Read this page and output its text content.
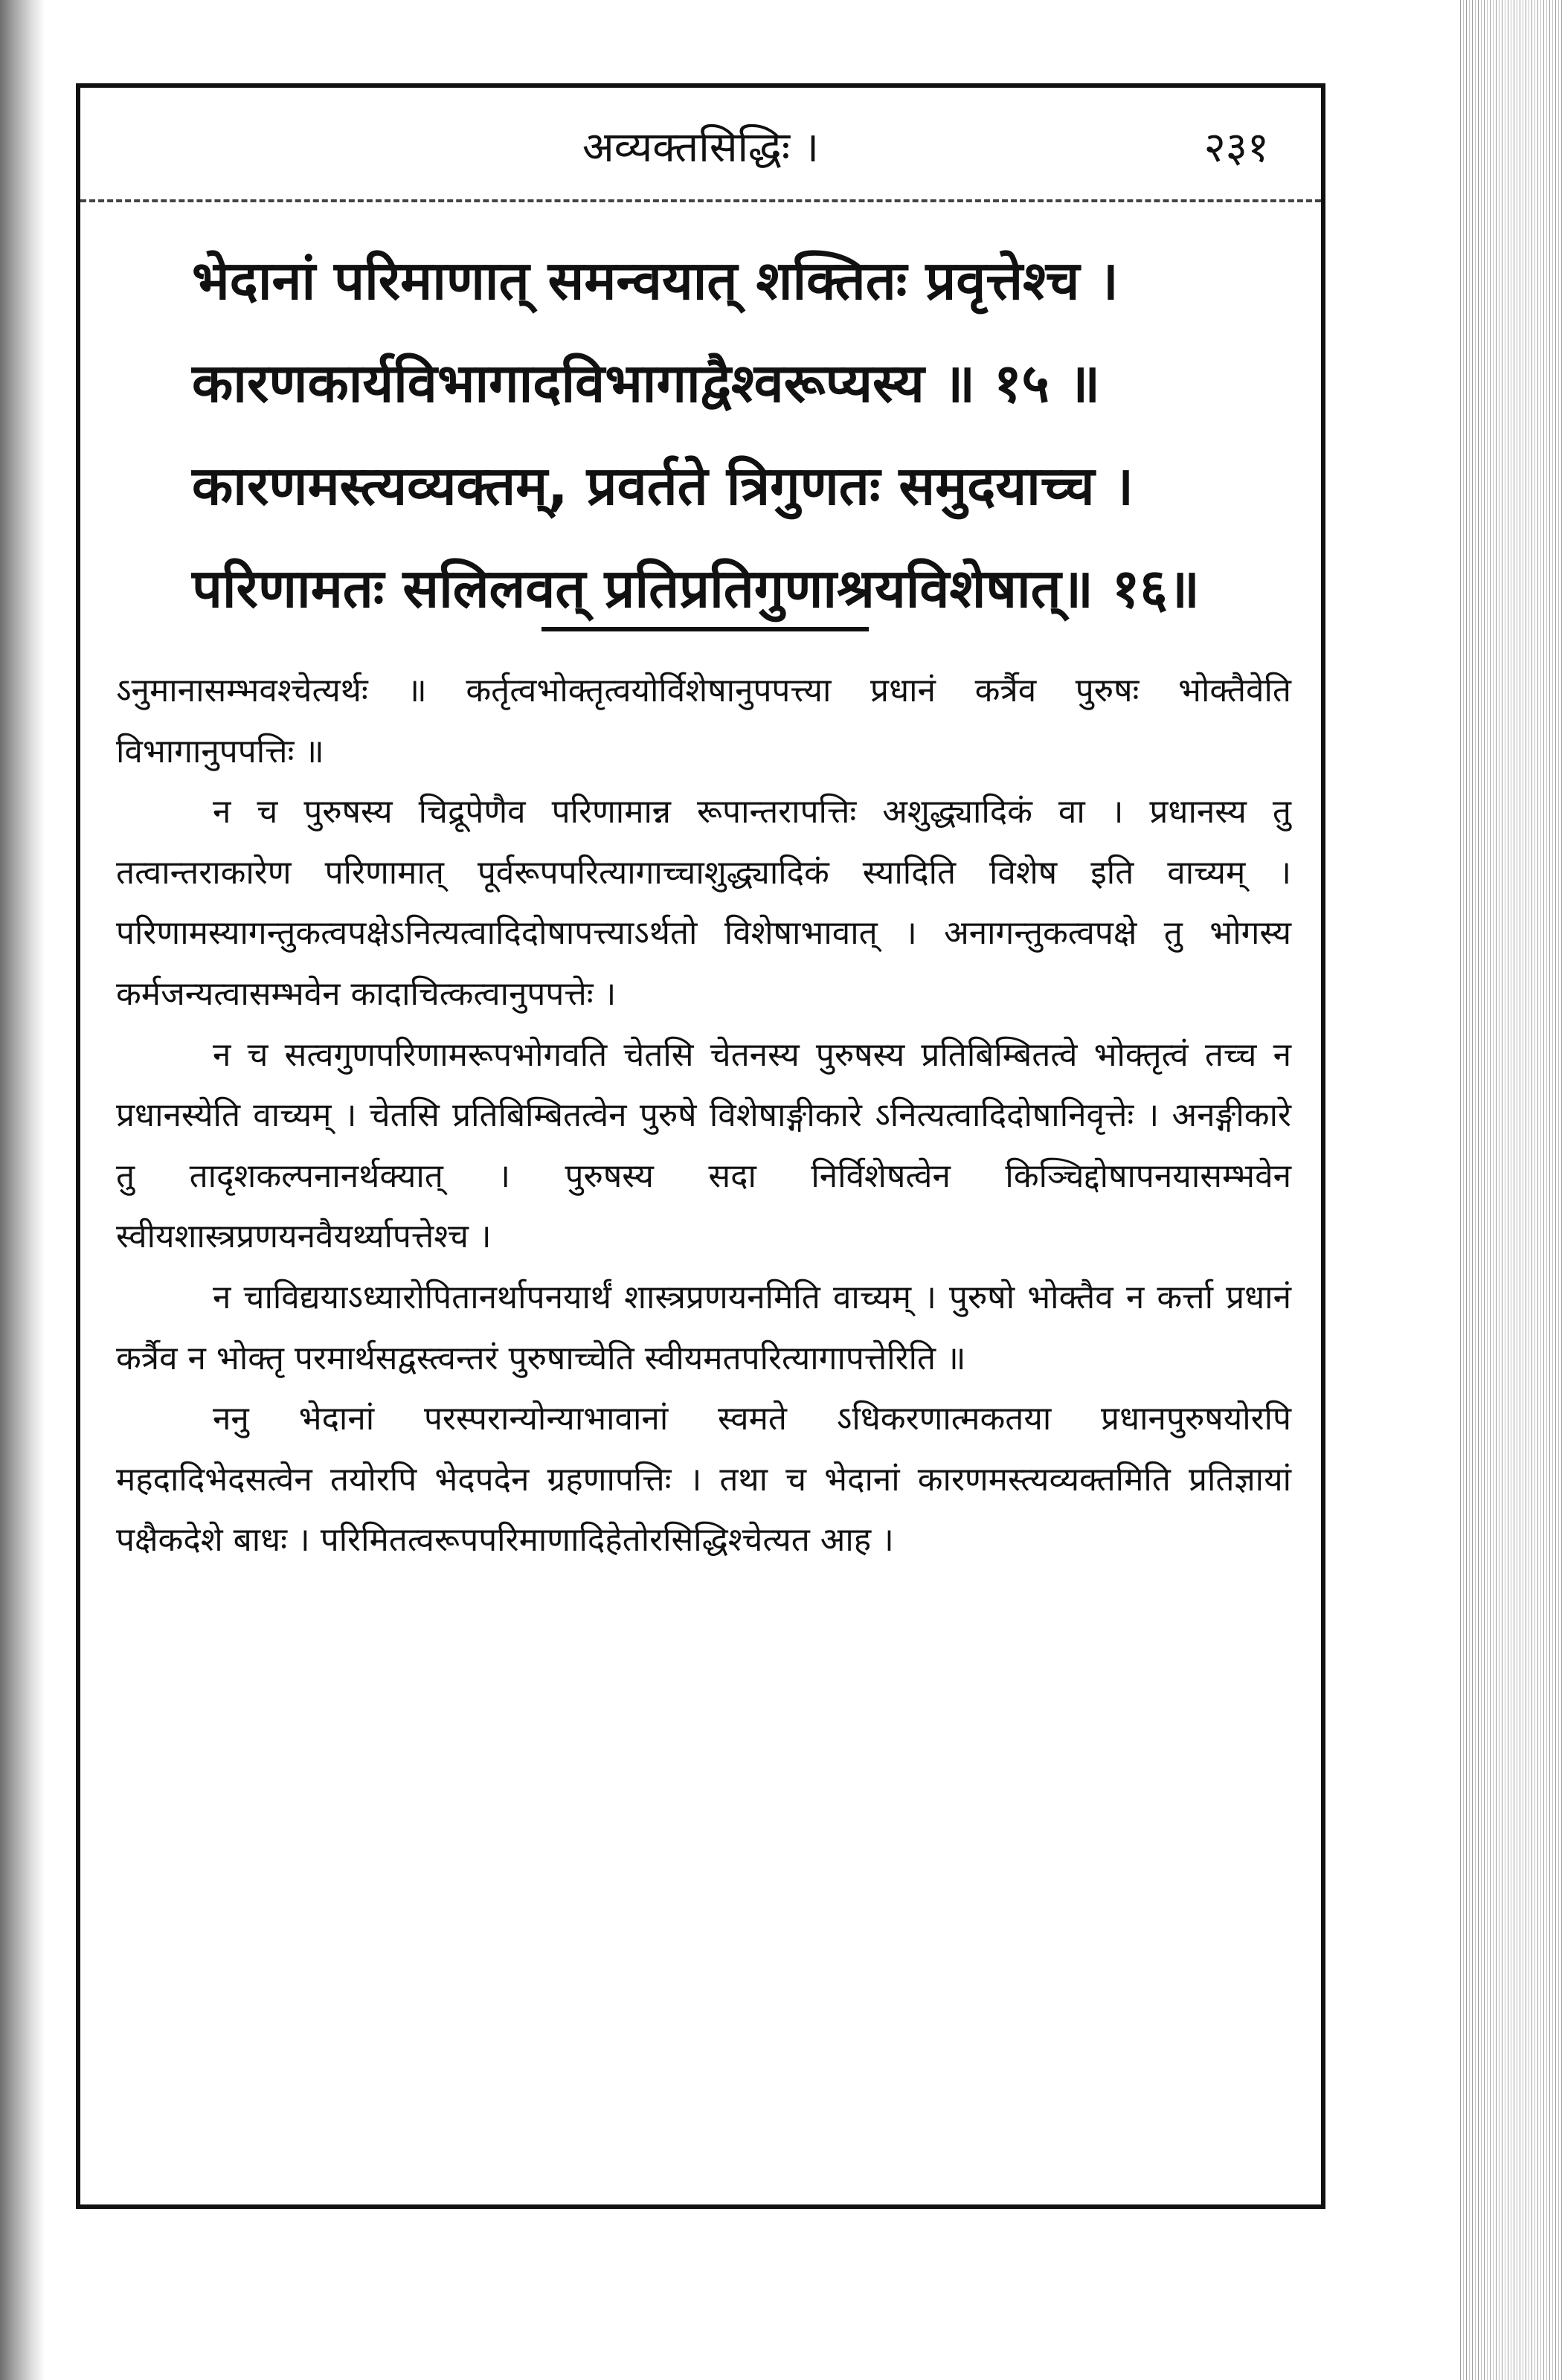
अव्यक्तसिद्धिः ।	२३१
भेदानां परिमाणात् समन्वयात् शक्तितः प्रवृत्तेश्च ।
कारणकार्यविभागादविभागाद्वैश्वरूप्यस्य ॥ १५ ॥
कारणमस्त्यव्यक्तम्, प्रवर्तते त्रिगुणतः समुदयाच्च ।
परिणामतः सलिलवत् प्रतिप्रतिगुणाश्रयविशेषात्॥ १६॥

ऽनुमानासम्भवश्चेत्यर्थः ॥ कर्तृत्वभोक्तृत्वयोर्विशेषानुपपत्त्या प्रधानं कर्त्रैव पुरुषः भोक्तैवेति विभागानुपपत्तिः ॥

न च पुरुषस्य चिद्रूपेणैव परिणामान्न रूपान्तरापत्तिः अशुद्ध्यादिकं वा । प्रधानस्य तु तत्वान्तराकारेण परिणामात् पूर्वरूपपरित्यागाच्चाशुद्ध्यादिकं स्यादिति विशेष इति वाच्यम् । परिणामस्यागन्तुकत्वपक्षेऽनित्यत्वादिदोषापत्त्याऽर्थतो विशेषाभावात् । अनागन्तुकत्वपक्षे तु भोगस्य कर्मजन्यत्वासम्भवेन कादाचित्कत्वानुपपत्तेः ।

न च सत्वगुणपरिणामरूपभोगवति चेतसि चेतनस्य पुरुषस्य प्रतिबिम्बितत्वे भोक्तृत्वं तच्च न प्रधानस्येति वाच्यम् । चेतसि प्रतिबिम्बितत्वेन पुरुषे विशेषाङ्गीकारे ऽनित्यत्वादिदोषानिवृत्तेः । अनङ्गीकारे तु तादृशकल्पनानर्थक्यात् । पुरुषस्य सदा निर्विशेषत्वेन किञ्चिद्दोषापनयासम्भवेन स्वीयशास्त्रप्रणयनवैयर्थ्यापत्तेश्च ।

न चाविद्ययाऽध्यारोपितानर्थापनयार्थं शास्त्रप्रणयनमिति वाच्यम् । पुरुषो भोक्तैव न कर्त्ता प्रधानं कर्त्रैव न भोक्तृ परमार्थसद्वस्त्वन्तरं पुरुषाच्चेति स्वीयमतपरित्यागापत्तेरिति ॥

ननु भेदानां परस्परान्योन्याभावानां स्वमते ऽधिकरणात्मकतया प्रधानपुरुषयोरपि महदादिभेदसत्वेन तयोरपि भेदपदेन ग्रहणापत्तिः । तथा च भेदानां कारणमस्त्यव्यक्तमिति प्रतिज्ञायां पक्षैकदेशे बाधः । परिमितत्वरूपपरिमाणादिहेतोरसिद्धिश्चेत्यत आह ।
